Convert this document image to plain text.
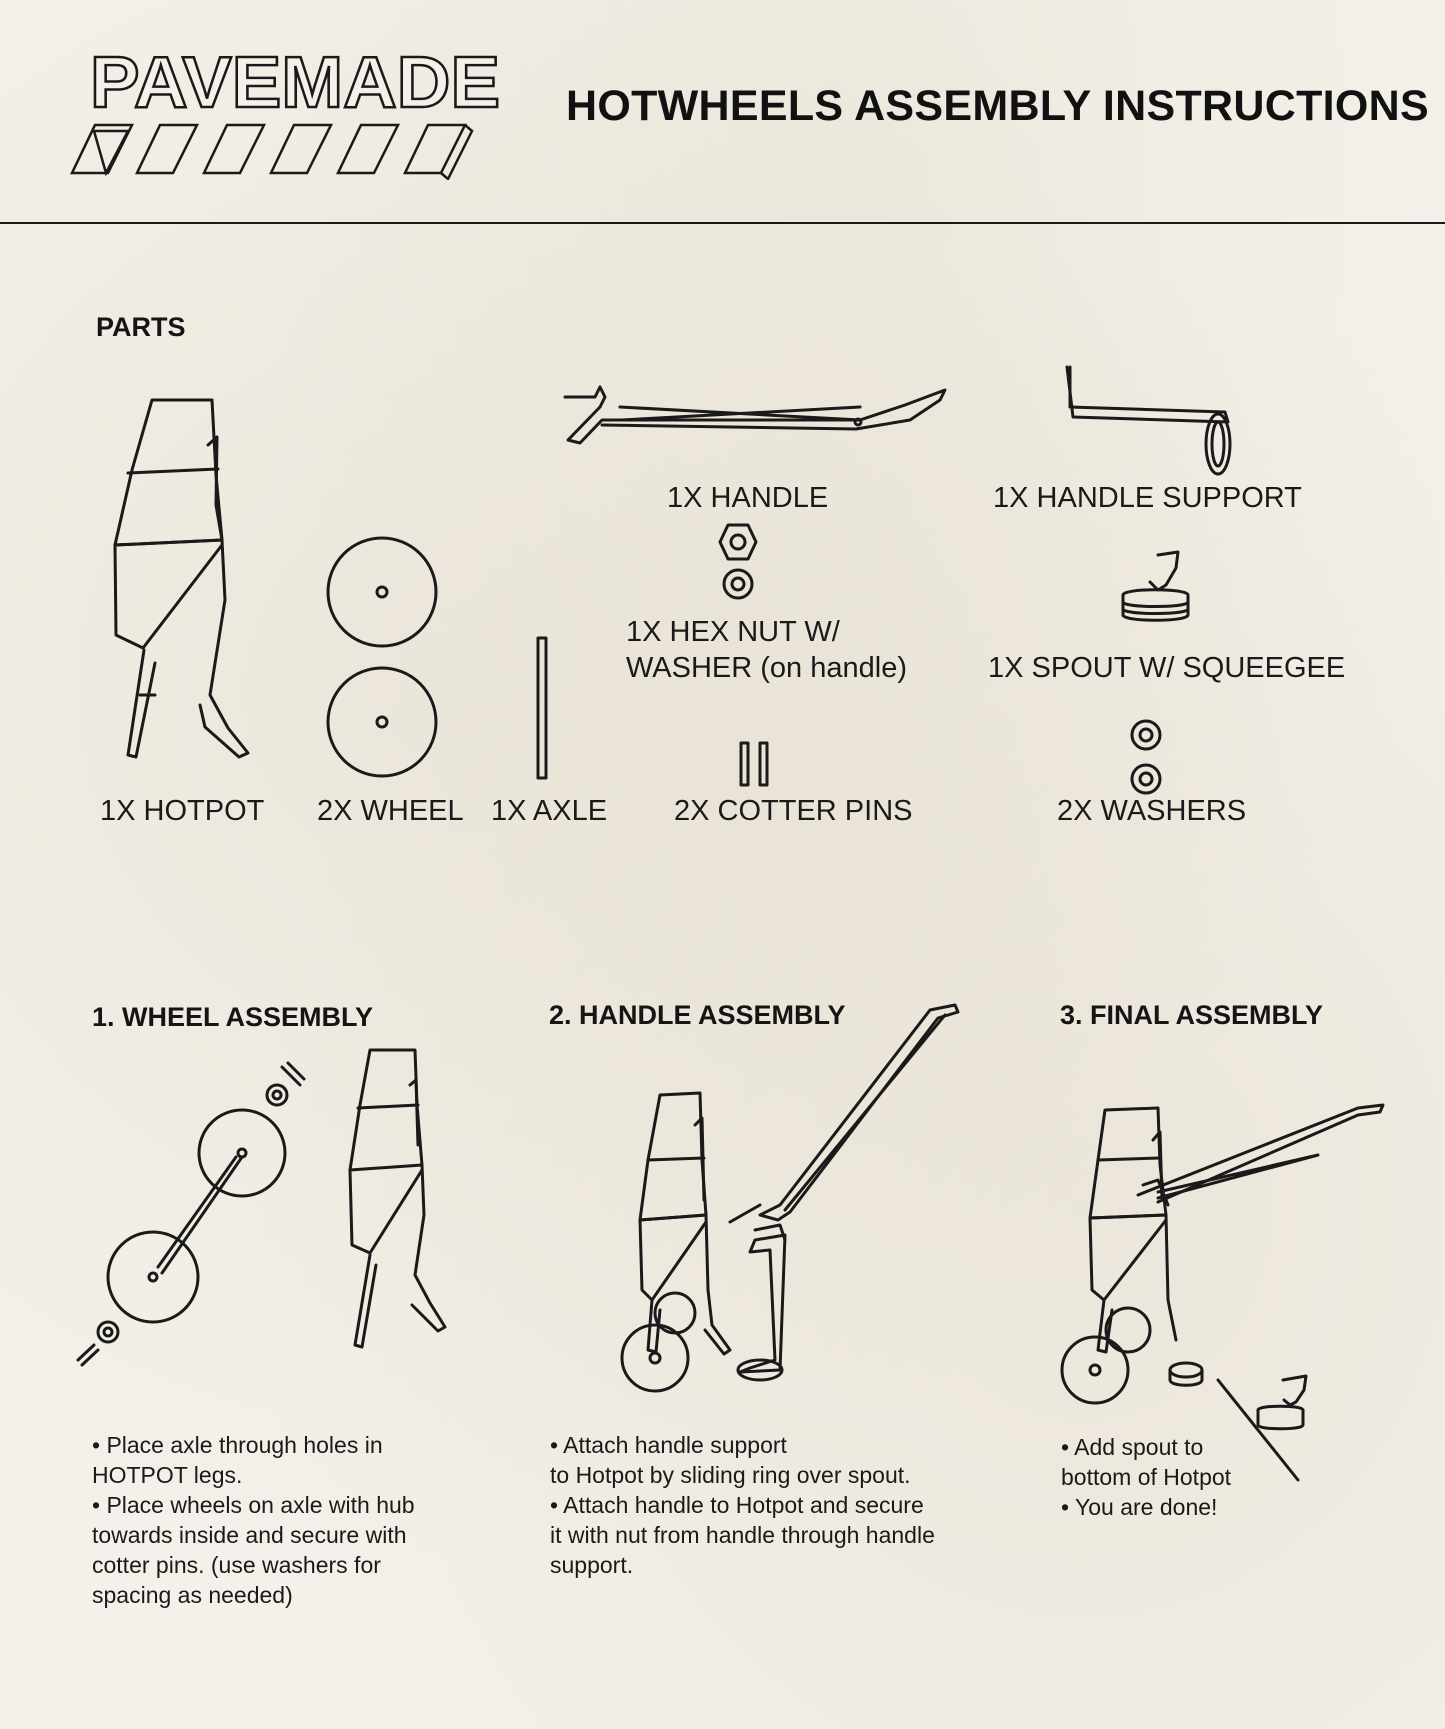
PAVEMADE HOTWHEELS ASSEMBLY INSTRUCTIONS
PARTS
1X HOTPOT 2X WHEEL 1X AXLE 2X COTTER PINS
1X HANDLE
1X HEX NUT W/
WASHER (on handle)
1X HANDLE SUPPORT
1X SPOUT W/ SQUEEGEE
2X WASHERS
1. WHEEL ASSEMBLY	2. HANDLE ASSEMBLY	3. FINAL ASSEMBLY
• Place axle through holes in
HOTPOT legs.
• Place wheels on axle with hub
towards inside and secure with
cotter pins. (use washers for
spacing as needed)
• Attach handle support
to Hotpot by sliding ring over spout.
• Attach handle to Hotpot and secure
it with nut from handle through handle
support.
• Add spout to
bottom of Hotpot
• You are done!
